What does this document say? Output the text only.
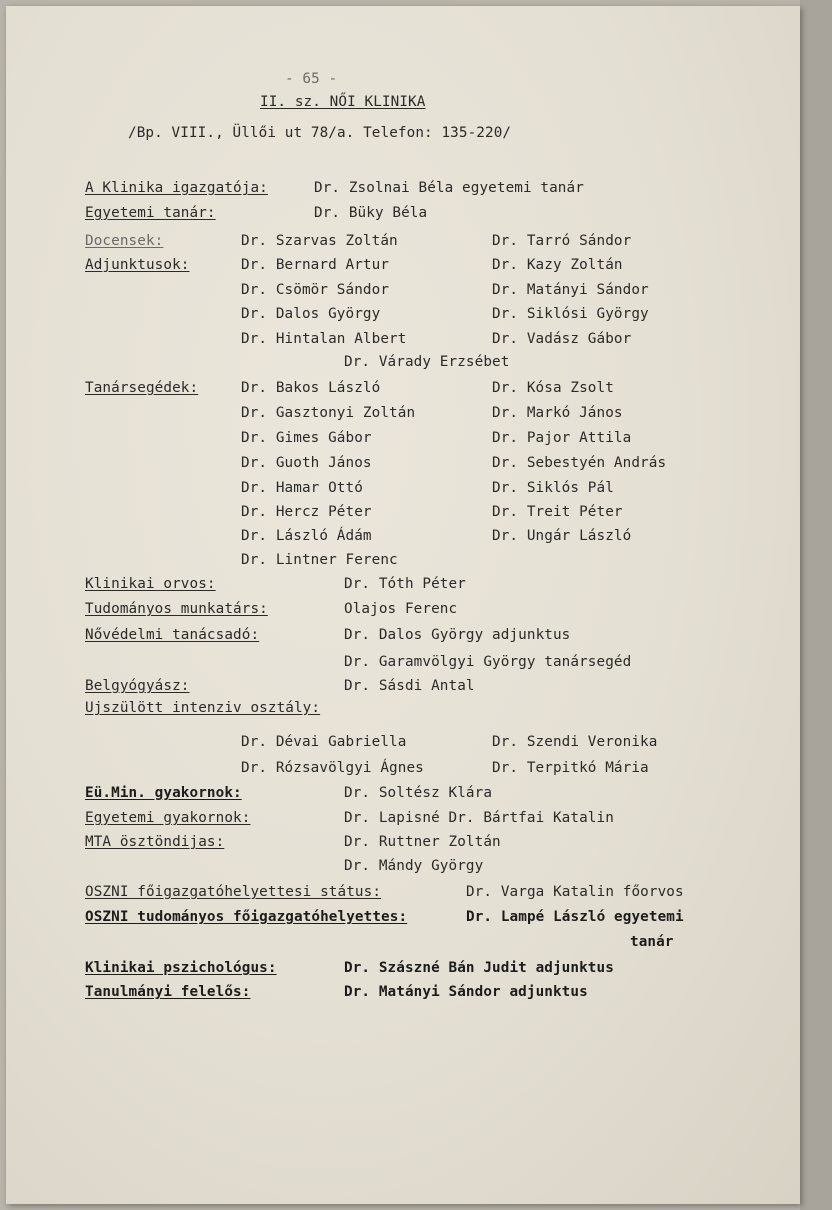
- 65 -
II. sz. NŐI KLINIKA
/Bp. VIII., Üllői ut 78/a. Telefon: 135-220/
A Klinika igazgatója:	Dr. Zsolnai Béla egyetemi tanár
Egyetemi tanár:	Dr. Büky Béla
Docensek:	Dr. Szarvas Zoltán	Dr. Tarró Sándor
Adjunktusok:	Dr. Bernard Artur	Dr. Kazy Zoltán
Dr. Csömör Sándor	Dr. Matányi Sándor
Dr. Dalos György	Dr. Siklósi György
Dr. Hintalan Albert	Dr. Vadász Gábor
Dr. Várady Erzsébet
Tanársegédek:	Dr. Bakos László	Dr. Kósa Zsolt
Dr. Gasztonyi Zoltán	Dr. Markó János
Dr. Gimes Gábor	Dr. Pajor Attila
Dr. Guoth János	Dr. Sebestyén András
Dr. Hamar Ottó	Dr. Siklós Pál
Dr. Hercz Péter	Dr. Treit Péter
Dr. László Ádám	Dr. Ungár László
Dr. Lintner Ferenc
Klinikai orvos:	Dr. Tóth Péter
Tudományos munkatárs:	Olajos Ferenc
Nővédelmi tanácsadó:	Dr. Dalos György adjunktus
Dr. Garamvölgyi György tanársegéd
Belgyógyász:	Dr. Sásdi Antal
Ujszülött intenziv osztály:
Dr. Dévai Gabriella	Dr. Szendi Veronika
Dr. Rózsavölgyi Ágnes	Dr. Terpitkó Mária
Eü.Min. gyakornok:	Dr. Soltész Klára
Egyetemi gyakornok:	Dr. Lapisné Dr. Bártfai Katalin
MTA ösztöndijas:	Dr. Ruttner Zoltán
Dr. Mándy György
OSZNI főigazgatóhelyettesi státus:	Dr. Varga Katalin főorvos
OSZNI tudományos főigazgatóhelyettes:	Dr. Lampé László egyetemi
tanár
Klinikai pszichológus:	Dr. Szászné Bán Judit adjunktus
Tanulmányi felelős:	Dr. Matányi Sándor adjunktus
